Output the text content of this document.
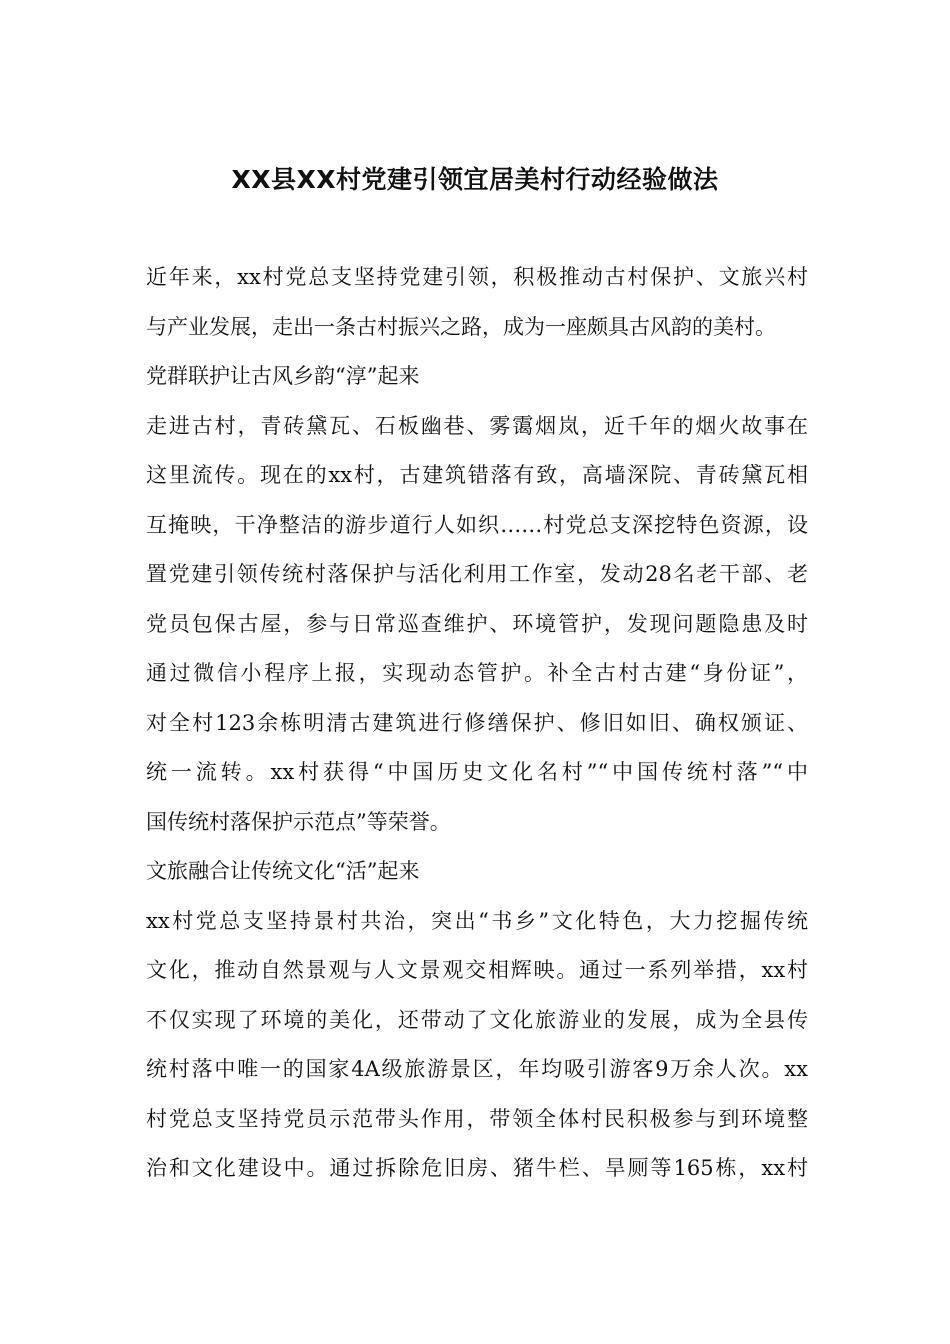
XX县XX村党建引领宜居美村行动经验做法
近年来，xx村党总支坚持党建引领，积极推动古村保护、文旅兴村
与产业发展，走出一条古村振兴之路，成为一座颇具古风韵的美村。
党群联护让古风乡韵“淳”起来
走进古村，青砖黛瓦、石板幽巷、雾霭烟岚，近千年的烟火故事在
这里流传。现在的xx村，古建筑错落有致，高墙深院、青砖黛瓦相
互掩映，干净整洁的游步道行人如织……村党总支深挖特色资源，设
置党建引领传统村落保护与活化利用工作室，发动28名老干部、老
党员包保古屋，参与日常巡查维护、环境管护，发现问题隐患及时
通过微信小程序上报，实现动态管护。补全古村古建“身份证”，
对全村123余栋明清古建筑进行修缮保护、修旧如旧、确权颁证、
统一流转。xx村获得“中国历史文化名村”“中国传统村落”“中
国传统村落保护示范点”等荣誉。
文旅融合让传统文化“活”起来
xx村党总支坚持景村共治，突出“书乡”文化特色，大力挖掘传统
文化，推动自然景观与人文景观交相辉映。通过一系列举措，xx村
不仅实现了环境的美化，还带动了文化旅游业的发展，成为全县传
统村落中唯一的国家4A级旅游景区，年均吸引游客9万余人次。xx
村党总支坚持党员示范带头作用，带领全体村民积极参与到环境整
治和文化建设中。通过拆除危旧房、猪牛栏、旱厕等165栋，xx村
